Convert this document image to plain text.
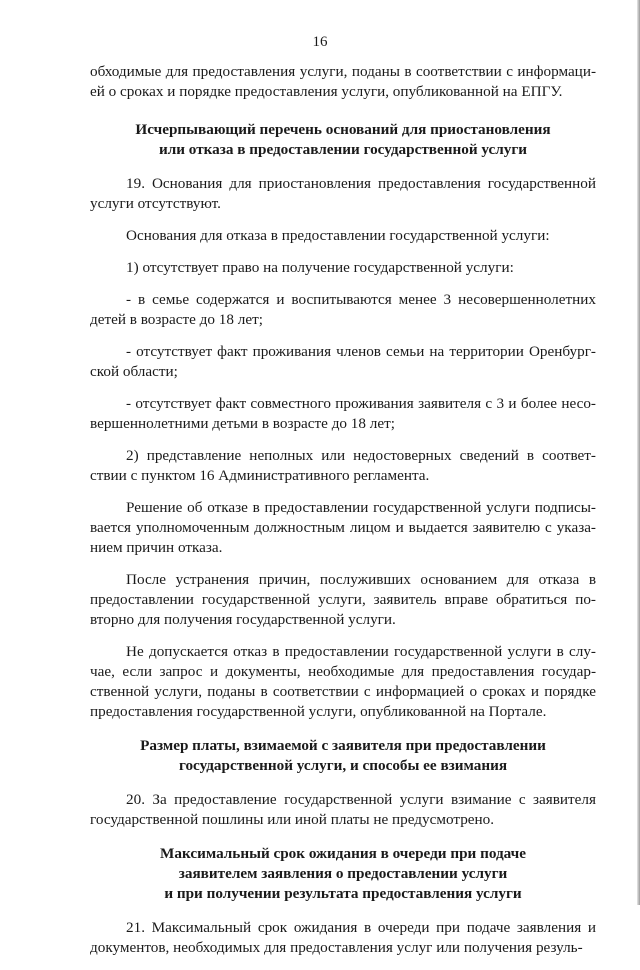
16

обходимые для предоставления услуги, поданы в соответствии с информаци-ей о сроках и порядке предоставления услуги, опубликованной на ЕПГУ.

Исчерпывающий перечень оснований для приостановления
или отказа в предоставлении государственной услуги

19. Основания для приостановления предоставления государственной услуги отсутствуют.

Основания для отказа в предоставлении государственной услуги:

1) отсутствует право на получение государственной услуги:

- в семье содержатся и воспитываются менее 3 несовершеннолетних детей в возрасте до 18 лет;

- отсутствует факт проживания членов семьи на территории Оренбург-ской области;

- отсутствует факт совместного проживания заявителя с 3 и более несо-вершеннолетними детьми в возрасте до 18 лет;

2) представление неполных или недостоверных сведений в соответ-ствии с пунктом 16 Административного регламента.

Решение об отказе в предоставлении государственной услуги подписы-вается уполномоченным должностным лицом и выдается заявителю с указа-нием причин отказа.

После устранения причин, послуживших основанием для отказа в предоставлении государственной услуги, заявитель вправе обратиться по-вторно для получения государственной услуги.

Не допускается отказ в предоставлении государственной услуги в слу-чае, если запрос и документы, необходимые для предоставления государ-ственной услуги, поданы в соответствии с информацией о сроках и порядке предоставления государственной услуги, опубликованной на Портале.

Размер платы, взимаемой с заявителя при предоставлении
государственной услуги, и способы ее взимания

20. За предоставление государственной услуги взимание с заявителя государственной пошлины или иной платы не предусмотрено.

Максимальный срок ожидания в очереди при подаче
заявителем заявления о предоставлении услуги
и при получении результата предоставления услуги

21. Максимальный срок ожидания в очереди при подаче заявления и документов, необходимых для предоставления услуг или получения резуль-
